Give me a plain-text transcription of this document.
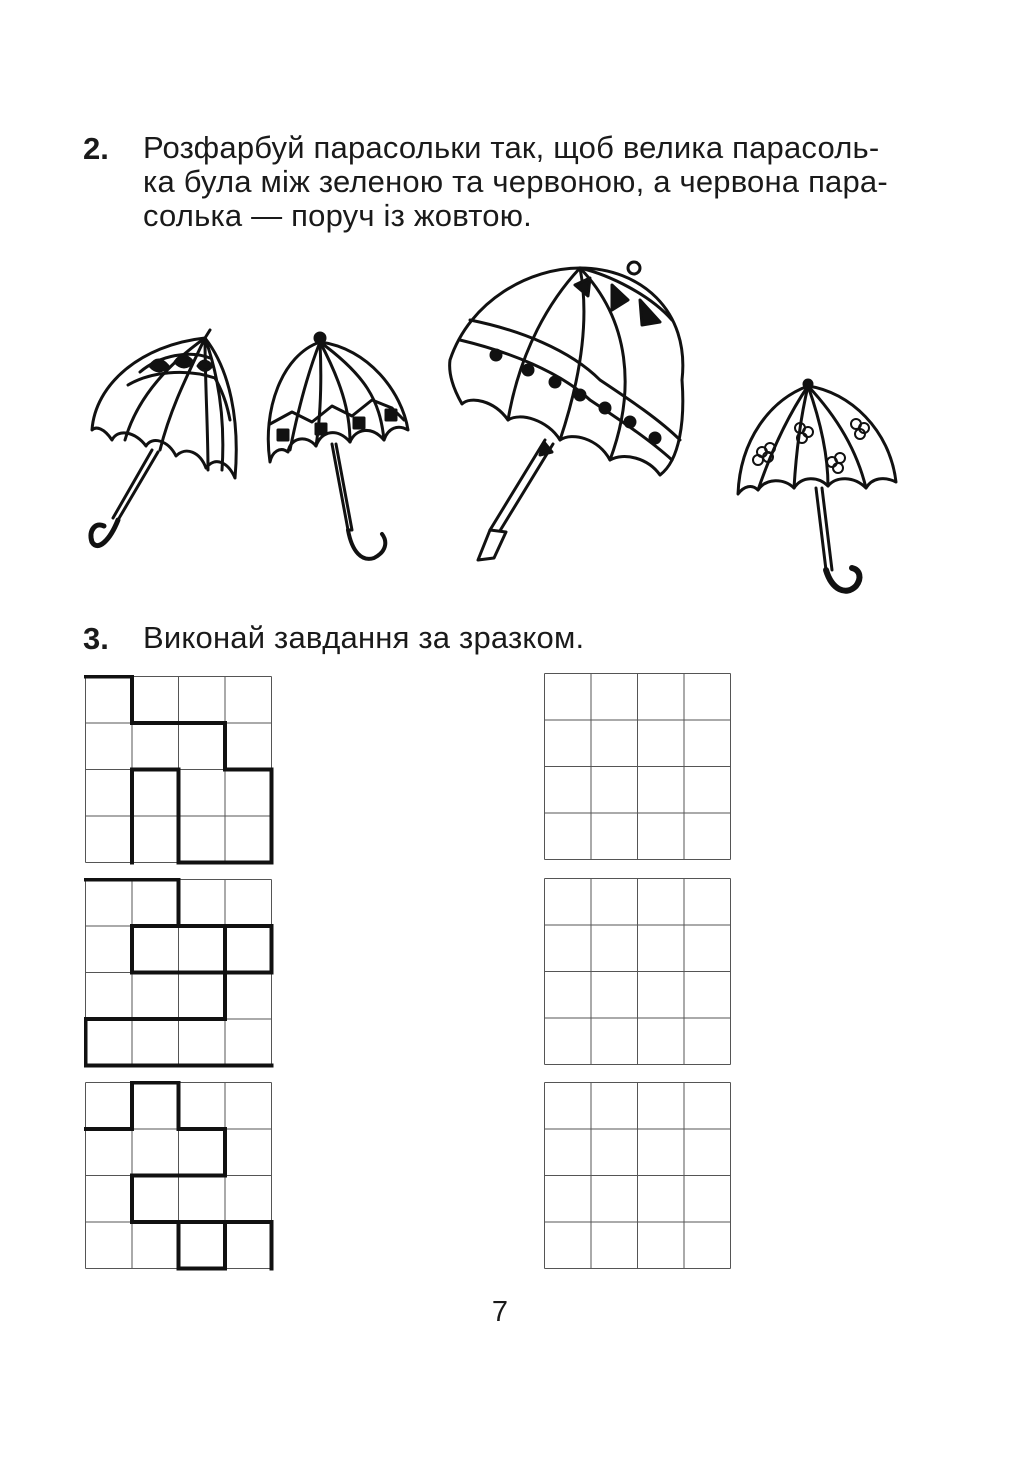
2. Розфарбуй парасольки так, щоб велика парасоль-
ка була між зеленою та червоною, а червона пара-
солька — поруч із жовтою.
3. Виконай завдання за зразком.
7
